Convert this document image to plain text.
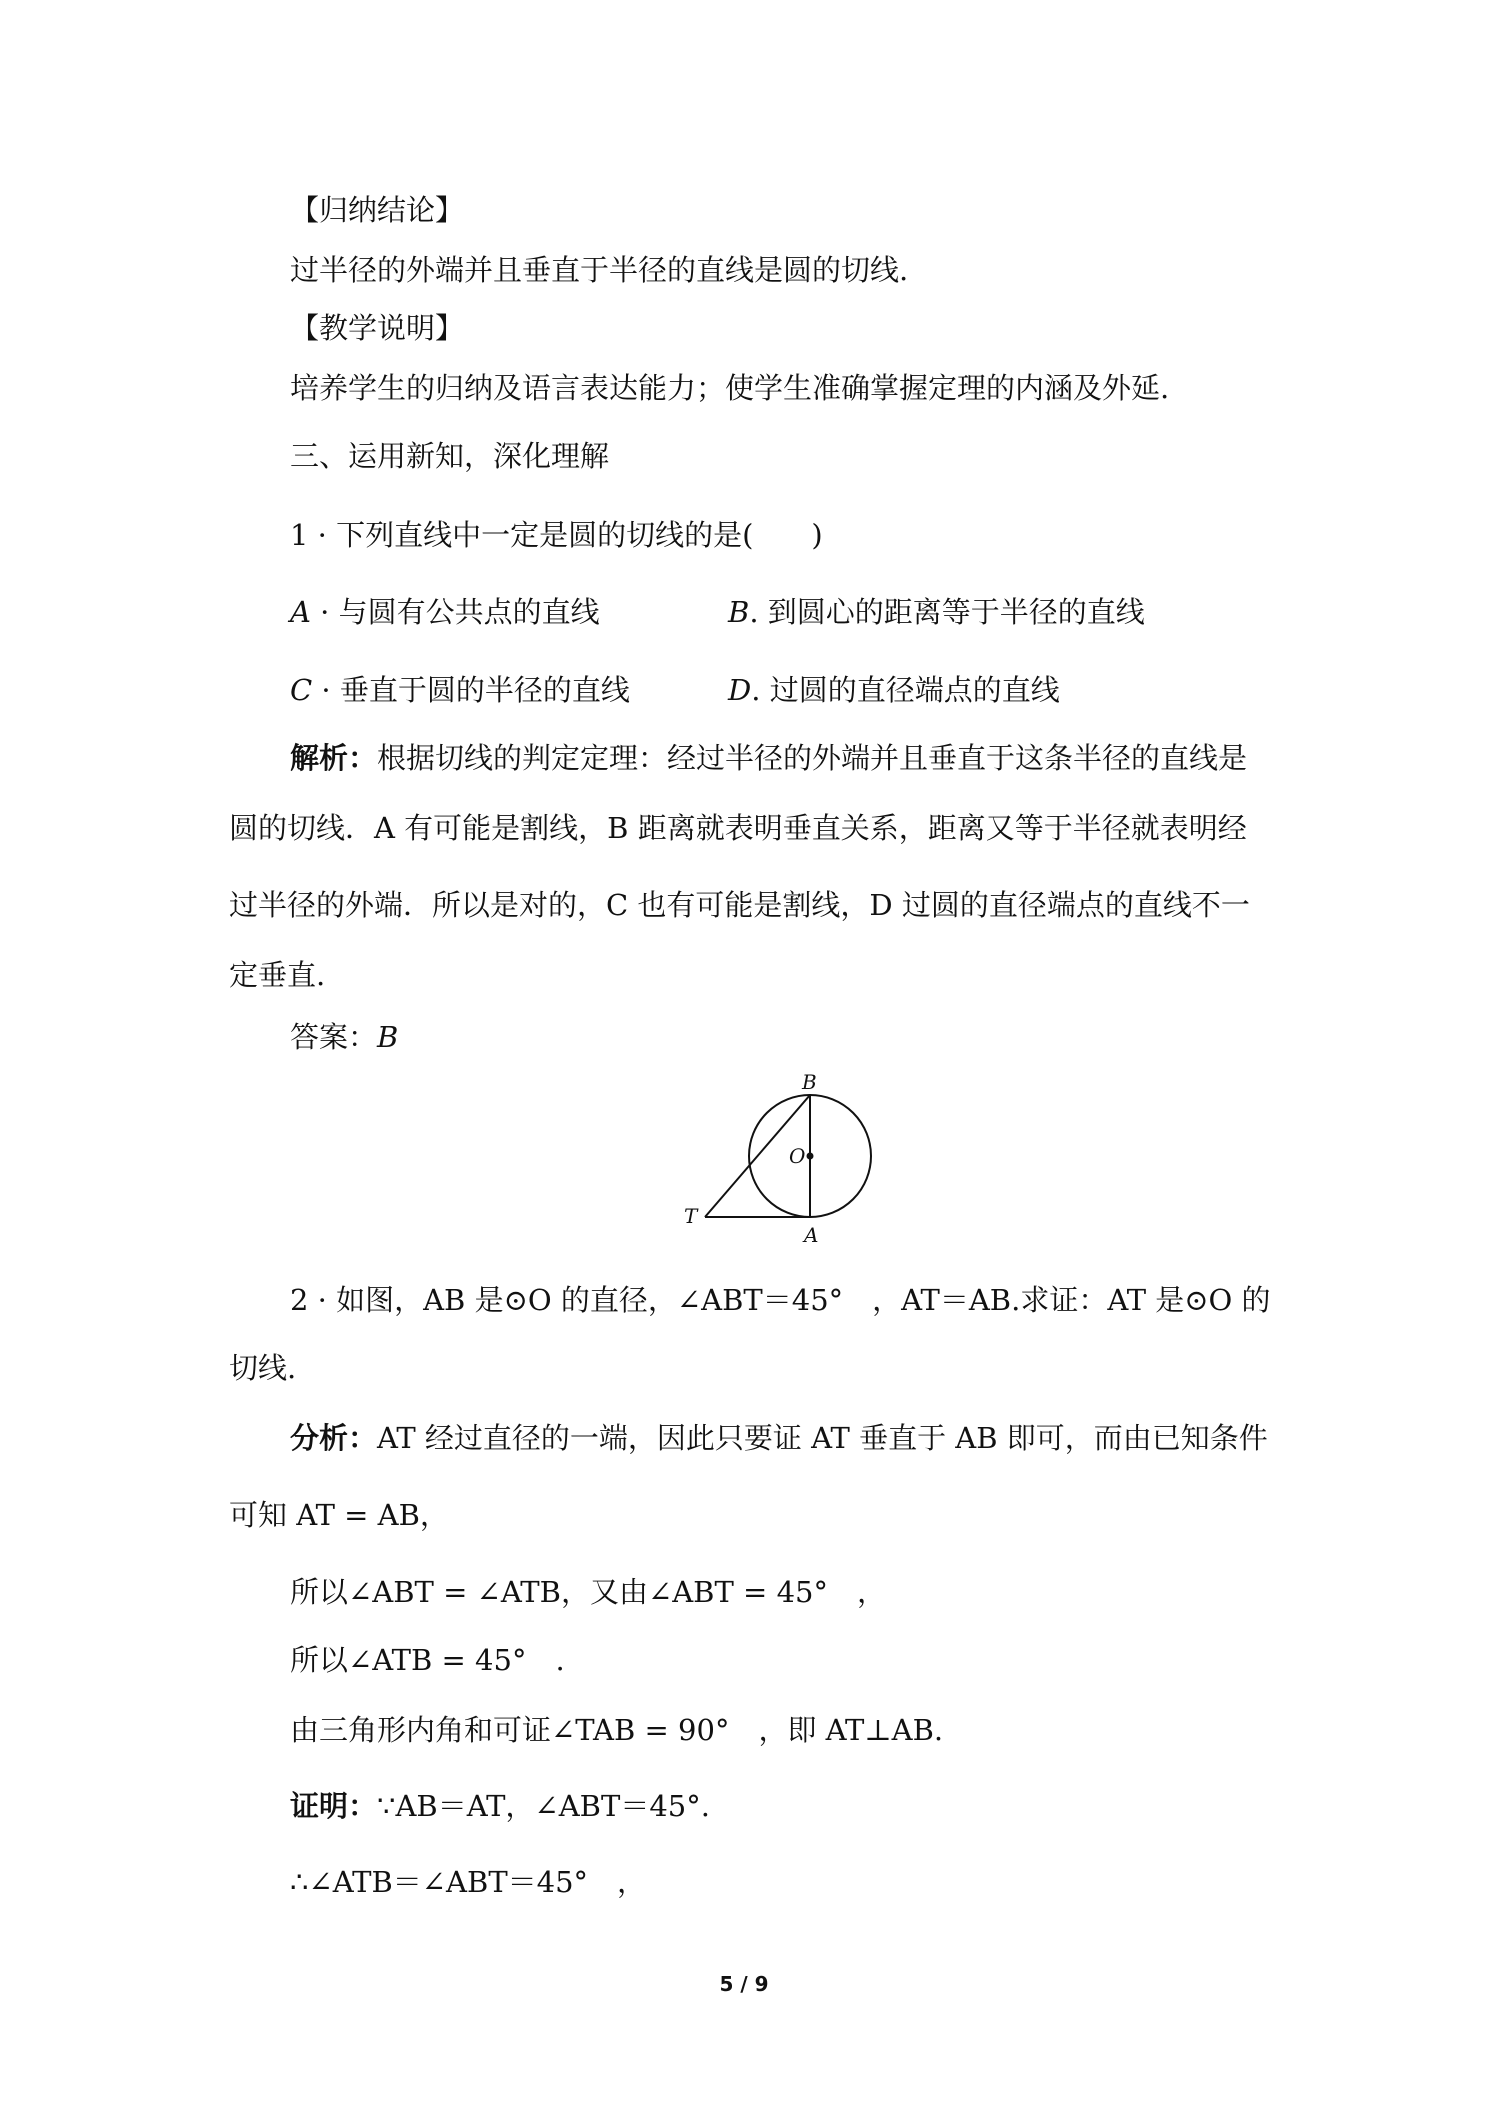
【归纳结论】
过半径的外端并且垂直于半径的直线是圆的切线.
【教学说明】
培养学生的归纳及语言表达能力；使学生准确掌握定理的内涵及外延.
三、运用新知，深化理解
1 · 下列直线中一定是圆的切线的是(　　)
A · 与圆有公共点的直线	B. 到圆心的距离等于半径的直线
C · 垂直于圆的半径的直线	D. 过圆的直径端点的直线
解析：根据切线的判定定理：经过半径的外端并且垂直于这条半径的直线是
圆的切线．A 有可能是割线，B 距离就表明垂直关系，距离又等于半径就表明经
过半径的外端．所以是对的，C 也有可能是割线，D 过圆的直径端点的直线不一
定垂直.
答案：B
B
O
T
A
2 · 如图，AB 是⊙O 的直径，∠ABT＝45°　，AT＝AB.求证：AT 是⊙O 的
切线.
分析：AT 经过直径的一端，因此只要证 AT 垂直于 AB 即可，而由已知条件
可知 AT = AB，
所以∠ABT = ∠ATB，又由∠ABT = 45°　，
所以∠ATB = 45°　.
由三角形内角和可证∠TAB = 90°　，即 AT⊥AB.
证明：∵AB＝AT，∠ABT＝45°.
∴∠ATB＝∠ABT＝45°　，
5 / 9
